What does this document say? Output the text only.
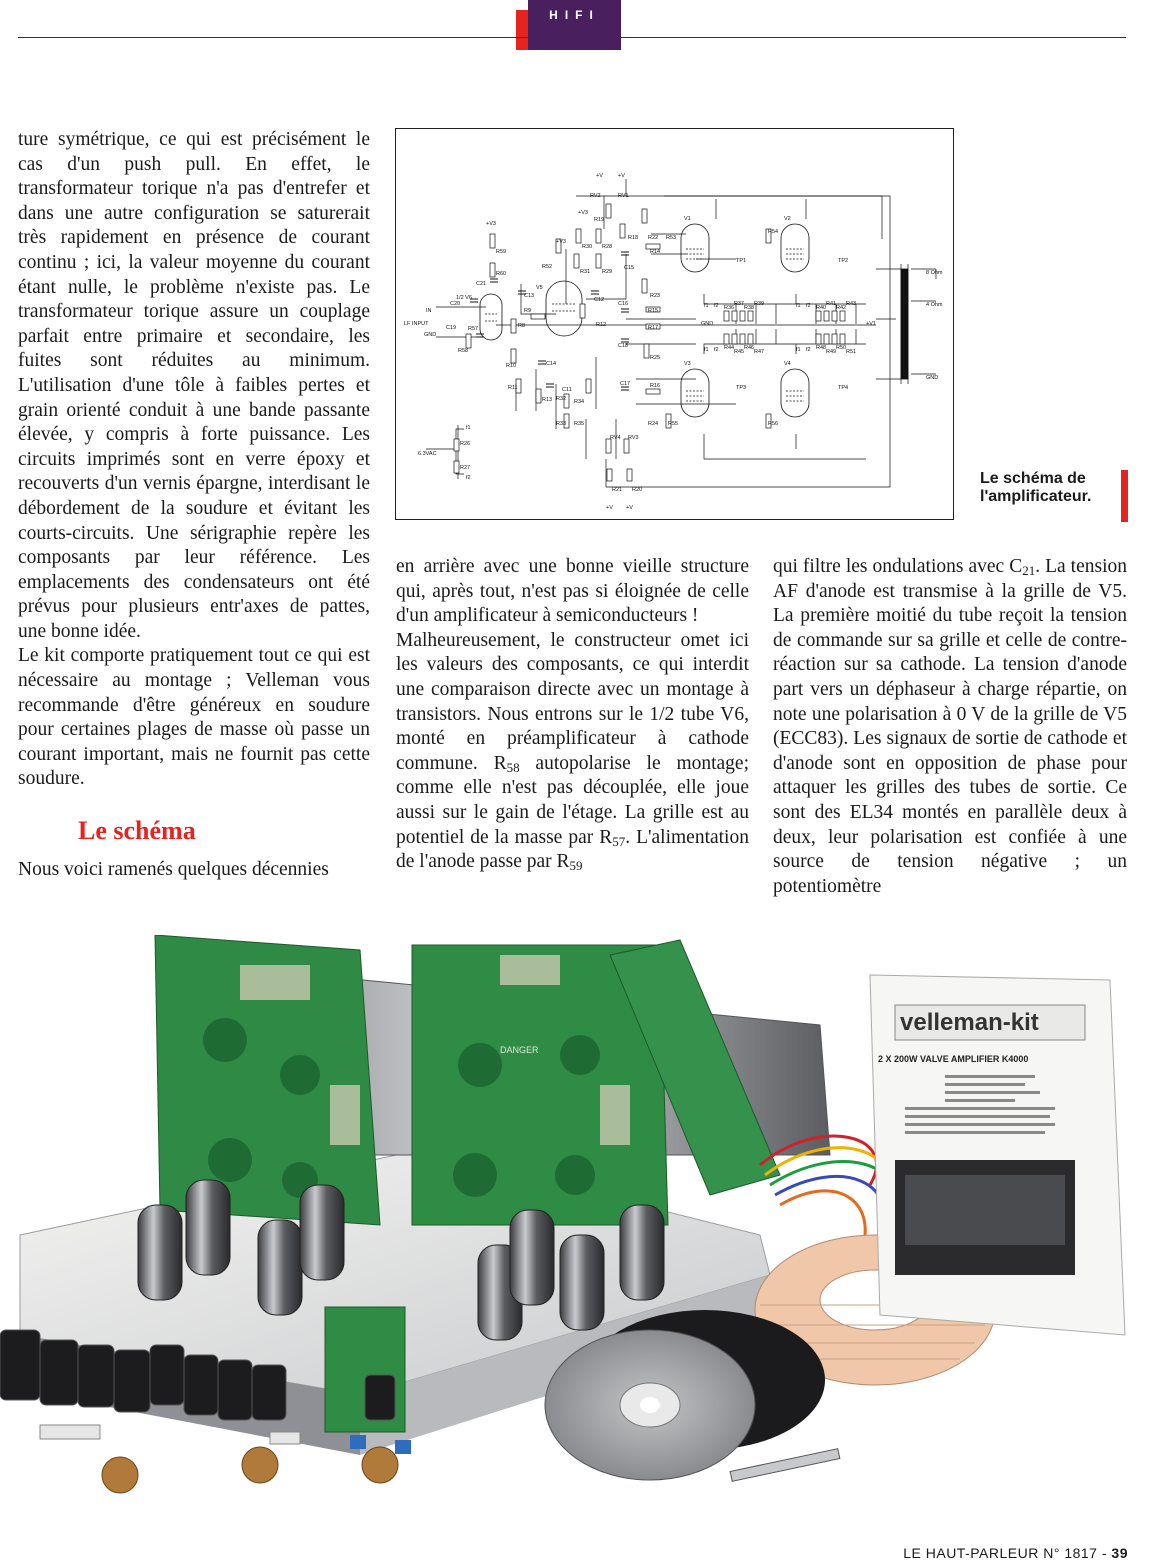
HIFI

ture symétrique, ce qui est précisément le cas d'un push pull. En effet, le transformateur torique n'a pas d'entrefer et dans une autre configuration se saturerait très rapidement en présence de courant continu ; ici, la valeur moyenne du courant étant nulle, le problème n'existe pas. Le transformateur torique assure un couplage parfait entre primaire et secondaire, les fuites sont réduites au minimum. L'utilisation d'une tôle à faibles pertes et grain orienté conduit à une bande passante élevée, y compris à forte puissance. Les circuits imprimés sont en verre époxy et recouverts d'un vernis épargne, interdisant le débordement de la soudure et évitant les courts-circuits. Une sérigraphie repère les composants par leur référence. Les emplacements des condensateurs ont été prévus pour plusieurs entr'axes de pattes, une bonne idée.

Le kit comporte pratiquement tout ce qui est nécessaire au montage ; Velleman vous recommande d'être généreux en soudure pour certaines plages de masse où passe un courant important, mais ne fournit pas cette soudure.

Le schéma

Nous voici ramenés quelques décennies

en arrière avec une bonne vieille structure qui, après tout, n'est pas si éloignée de celle d'un amplificateur à semiconducteurs !

Malheureusement, le constructeur omet ici les valeurs des composants, ce qui interdit une comparaison directe avec un montage à transistors. Nous entrons sur le 1/2 tube V6, monté en préamplificateur à cathode commune. $R_{58}$ autopolarise le montage; comme elle n'est pas découplée, elle joue aussi sur le gain de l'étage. La grille est au potentiel de la masse par $R_{57}$. L'alimentation de l'anode passe par $R_{59}$

qui filtre les ondulations avec $C_{21}$. La tension AF d'anode est transmise à la grille de V5. La première moitié du tube reçoit la tension de commande sur sa grille et celle de contre-réaction sur sa cathode. La tension d'anode part vers un déphaseur à charge répartie, on note une polarisation à 0 V de la grille de V5 (ECC83). Les signaux de sortie de cathode et d'anode sont en opposition de phase pour attaquer les grilles des tubes de sortie. Ce sont des EL34 montés en parallèle deux à deux, leur polarisation est confiée à une source de tension négative ; un potentiomètre

V1	V2
V3	V4
V5
1/2 V6
LF INPUT
IN
GND
+V
+V
+V3
+V3
+V3
+V +V
8 Ohm
4 Ohm
GND
+V1
GND
6.3VAC
TP1	TP2
TP3	TP4
RV1
RV2
RV3
RV4
R59
R60
C21
C20
C19 R57
R58
C13
R9
R8
R10
R11
R13
C14
R52
R30 R28
R31 R29
R19
R18 R22 R53
C15
R14
C12
R12
R23
C16
R15
R17
C18
R25
C11
R32 R34
R33 R35
C17	R16
R24 R55
R54
R56
R26
R27
R21 R20
f1
f2
f1 f2	f1 f2
f1 f2	f1 f2
R36
R37
R38
R39
R40
R41
R42
R43
R44
R45
R46
R47
R48
R49
R50
R51
Le schéma de l'amplificateur.
DANGER
velleman-kit
2 X 200W VALVE AMPLIFIER K4000
LE HAUT-PARLEUR N° 1817 - 39
